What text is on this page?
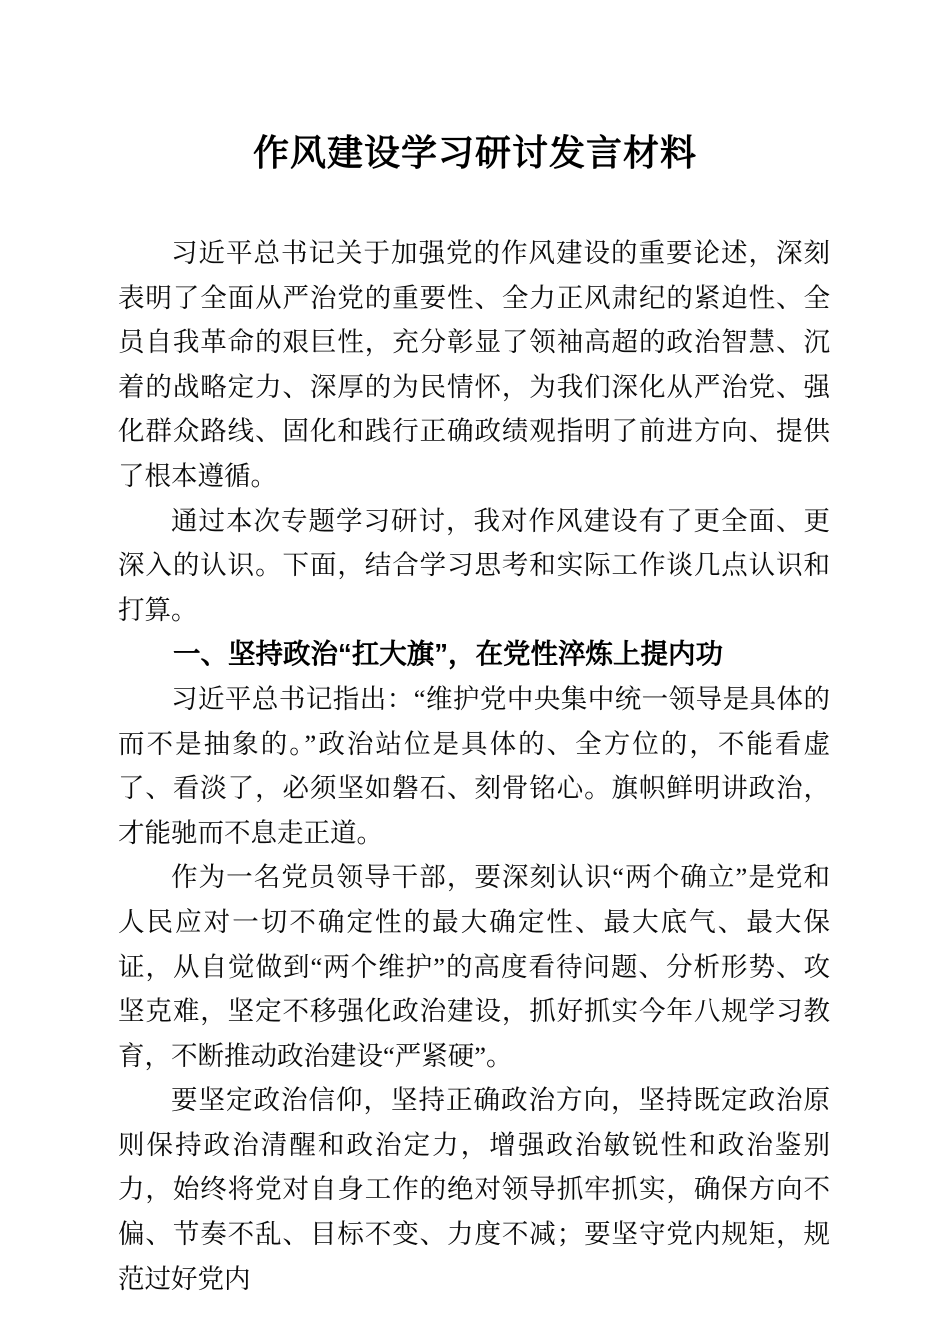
作风建设学习研讨发言材料
习近平总书记关于加强党的作风建设的重要论述，深刻表明了全面从严治党的重要性、全力正风肃纪的紧迫性、全员自我革命的艰巨性，充分彰显了领袖高超的政治智慧、沉着的战略定力、深厚的为民情怀，为我们深化从严治党、强化群众路线、固化和践行正确政绩观指明了前进方向、提供了根本遵循。
通过本次专题学习研讨，我对作风建设有了更全面、更深入的认识。下面，结合学习思考和实际工作谈几点认识和打算。
一、坚持政治“扛大旗”，在党性淬炼上提内功
习近平总书记指出：“维护党中央集中统一领导是具体的而不是抽象的。”政治站位是具体的、全方位的，不能看虚了、看淡了，必须坚如磐石、刻骨铭心。旗帜鲜明讲政治，才能驰而不息走正道。
作为一名党员领导干部，要深刻认识“两个确立”是党和人民应对一切不确定性的最大确定性、最大底气、最大保证，从自觉做到“两个维护”的高度看待问题、分析形势、攻坚克难，坚定不移强化政治建设，抓好抓实今年八规学习教育，不断推动政治建设“严紧硬”。
要坚定政治信仰，坚持正确政治方向，坚持既定政治原则保持政治清醒和政治定力，增强政治敏锐性和政治鉴别力，始终将党对自身工作的绝对领导抓牢抓实，确保方向不偏、节奏不乱、目标不变、力度不减；要坚守党内规矩，规范过好党内
